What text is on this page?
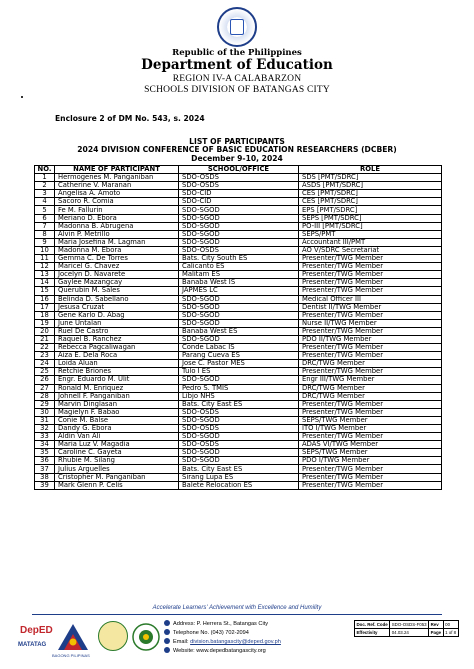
Republic of the Philippines
Department of Education
REGION IV-A CALABARZON
SCHOOLS DIVISION OF BATANGAS CITY
Enclosure 2 of DM No. 543, s. 2024
LIST OF PARTICIPANTS
2024 DIVISION CONFERENCE OF BASIC EDUCATION RESEARCHERS (DCBER)
December 9-10, 2024
NO.	NAME OF PARTICIPANT	SCHOOL/OFFICE	ROLE
1	Hermogenes M. Panganiban	SDO-OSDS	SDS [PMT/SDRC]
2	Catherine V. Maranan	SDO-OSDS	ASDS [PMT/SDRC]
3	Angelisa A. Amoto	SDO-CID	CES [PMT/SDRC]
4	Sacoro R. Comia	SDO-CID	CES [PMT/SDRC]
5	Fe M. Fallurin	SDO-SGOD	EPS [PMT/SDRC]
6	Meriano D. Ebora	SDO-SGOD	SEPS [PMT/SDRC]
7	Madonna B. Abrugena	SDO-SGOD	PO-III [PMT/SDRC]
8	Alvin P. Metrillo	SDO-SGOD	SEPS/PMT
9	Maria Josefina M. Lagman	SDO-SGOD	Accountant III/PMT
10	Madonna M. Ebora	SDO-OSDS	AO V/SDRC Secretariat
11	Gemma C. De Torres	Bats. City South ES	Presenter/TWG Member
12	Maricel G. Chavez	Calicanto ES	Presenter/TWG Member
13	Jocelyn D. Navarete	Malitam ES	Presenter/TWG Member
14	Gaylee Mazangcay	Banaba West IS	Presenter/TWG Member
15	Querubin M. Sales	JAPMES LC	Presenter/TWG Member
16	Belinda D. Sabellano	SDO-SGOD	Medical Officer III
17	Jesusa Cruzat	SDO-SGOD	Dentist II/TWG Member
18	Gene Karlo D. Abag	SDO-SGOD	Presenter/TWG Member
19	June Untalan	SDO-SGOD	Nurse II/TWG Member
20	Ruel De Castro	Banaba West ES	Presenter/TWG Member
21	Raquel B. Ranchez	SDO-SGOD	PDO II/TWG Member
22	Rebecca Pagcaliwagan	Conde Labac IS	Presenter/TWG Member
23	Aiza E. Dela Roca	Parang Cueva ES	Presenter/TWG Member
24	Loida Aluan	Jose C. Pastor MES	DRC/TWG Member
25	Retchie Briones	Tulo I ES	Presenter/TWG Member
26	Engr. Eduardo M. Ulit	SDO-SGOD	Engr III/TWG Member
27	Ronald M. Enriquez	Pedro S. TMIS	DRC/TWG Member
28	Johnell F. Panganiban	Libjo NHS	DRC/TWG Member
29	Marvin Dinglasan	Bats. City East ES	Presenter/TWG Member
30	Magielyn F. Babao	SDO-OSDS	Presenter/TWG Member
31	Conie M. Balse	SDO-SGOD	SEPS/TWG Member
32	Dandy G. Ebora	SDO-OSDS	ITO I/TWG Member
33	Aldin Van Ali	SDO-SGOD	Presenter/TWG Member
34	Maria Luz V. Magadia	SDO-OSDS	ADAS VI/TWG Member
35	Caroline C. Gayeta	SDO-SGOD	SEPS/TWG Member
36	Rhubie M. Silang	SDO-SGOD	PDO I/TWG Member
37	Julius Arguelles	Bats. City East ES	Presenter/TWG Member
38	Cristopher M. Panganiban	Sirang Lupa ES	Presenter/TWG Member
39	Mark Glenn P. Celis	Balete Relocation ES	Presenter/TWG Member
Accelerate Learners' Achievement with Excellence and Humility
DepED
MATATAG
BAGONG PILIPINAS
Address: P. Herrera St., Batangas City
Telephone No. (043) 702-2094
Email: division.batangascity@deped.gov.ph
Website: www.depedbatangascity.org
Doc. Ref. Code	SDO-OSDS-F053	Rev	00
Effectivity	04.03.24	Page	1 of 8
